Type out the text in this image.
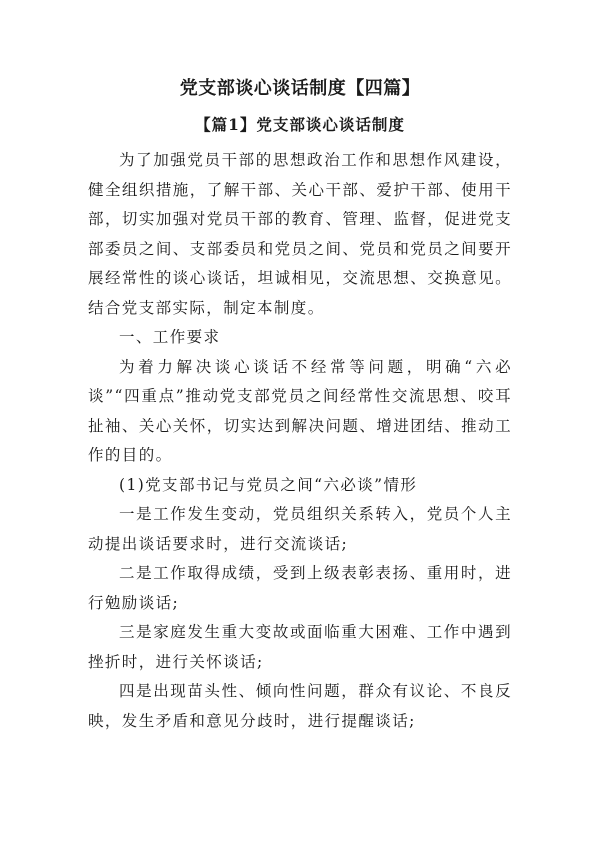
党支部谈心谈话制度【四篇】
【篇1】党支部谈心谈话制度

为了加强党员干部的思想政治工作和思想作风建设，健全组织措施，了解干部、关心干部、爱护干部、使用干部，切实加强对党员干部的教育、管理、监督，促进党支部委员之间、支部委员和党员之间、党员和党员之间要开展经常性的谈心谈话，坦诚相见，交流思想、交换意见。结合党支部实际，制定本制度。

一、工作要求

为着力解决谈心谈话不经常等问题，明确“六必谈”“四重点”推动党支部党员之间经常性交流思想、咬耳扯袖、关心关怀，切实达到解决问题、增进团结、推动工作的目的。

(1)党支部书记与党员之间“六必谈”情形

一是工作发生变动，党员组织关系转入，党员个人主动提出谈话要求时，进行交流谈话;

二是工作取得成绩，受到上级表彰表扬、重用时，进行勉励谈话;

三是家庭发生重大变故或面临重大困难、工作中遇到挫折时，进行关怀谈话;

四是出现苗头性、倾向性问题，群众有议论、不良反映，发生矛盾和意见分歧时，进行提醒谈话;
